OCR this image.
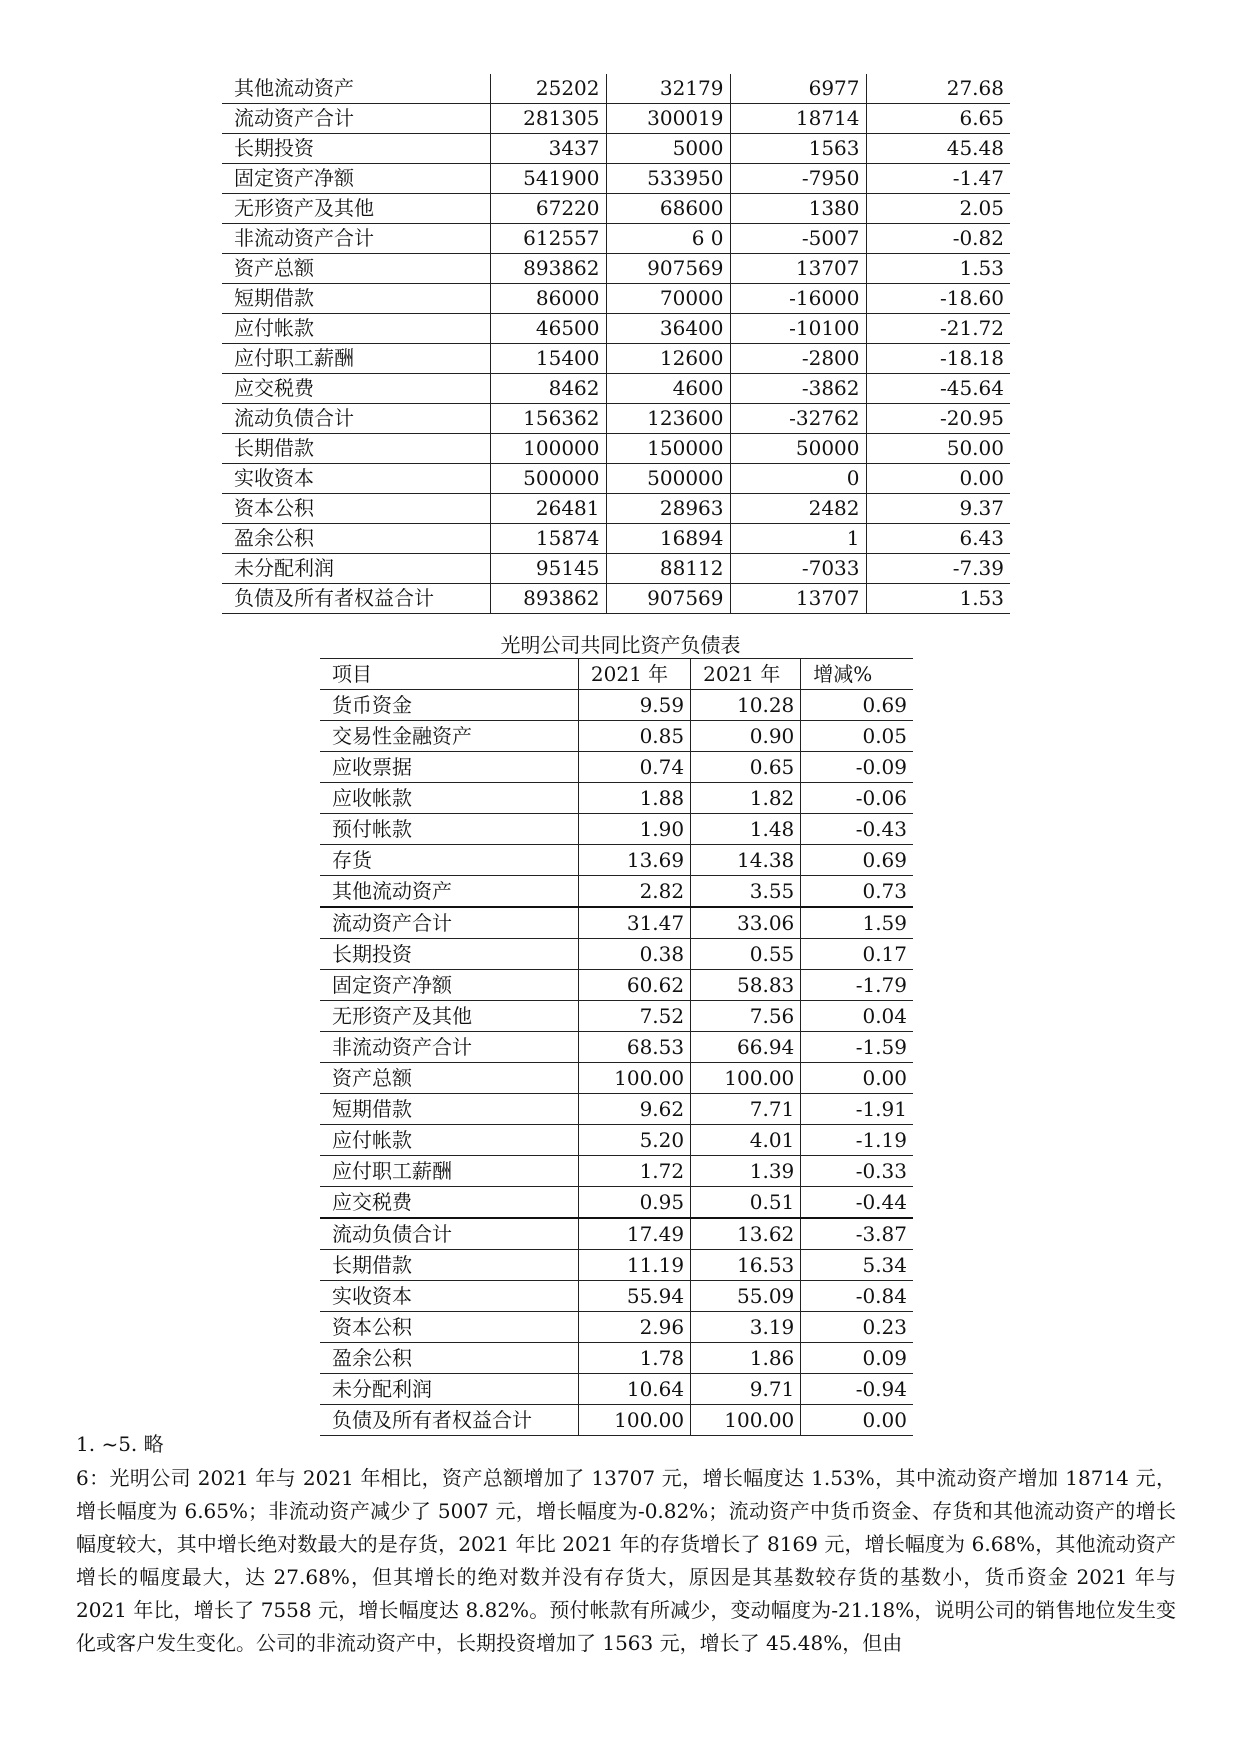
其他流动资产	25202	32179	6977	27.68
流动资产合计	281305	300019	18714	6.65
长期投资	3437	5000	1563	45.48
固定资产净额	541900	533950	-7950	-1.47
无形资产及其他	67220	68600	1380	2.05
非流动资产合计	612557	6 0	-5007	-0.82
资产总额	893862	907569	13707	1.53
短期借款	86000	70000	-16000	-18.60
应付帐款	46500	36400	-10100	-21.72
应付职工薪酬	15400	12600	-2800	-18.18
应交税费	8462	4600	-3862	-45.64
流动负债合计	156362	123600	-32762	-20.95
长期借款	100000	150000	50000	50.00
实收资本	500000	500000	0	0.00
资本公积	26481	28963	2482	9.37
盈余公积	15874	16894	1	6.43
未分配利润	95145	88112	-7033	-7.39
负债及所有者权益合计	893862	907569	13707	1.53
光明公司共同比资产负债表
项目	2021 年	2021 年	增减%
货币资金	9.59	10.28	0.69
交易性金融资产	0.85	0.90	0.05
应收票据	0.74	0.65	-0.09
应收帐款	1.88	1.82	-0.06
预付帐款	1.90	1.48	-0.43
存货	13.69	14.38	0.69
其他流动资产	2.82	3.55	0.73
流动资产合计	31.47	33.06	1.59
长期投资	0.38	0.55	0.17
固定资产净额	60.62	58.83	-1.79
无形资产及其他	7.52	7.56	0.04
非流动资产合计	68.53	66.94	-1.59
资产总额	100.00	100.00	0.00
短期借款	9.62	7.71	-1.91
应付帐款	5.20	4.01	-1.19
应付职工薪酬	1.72	1.39	-0.33
应交税费	0.95	0.51	-0.44
流动负债合计	17.49	13.62	-3.87
长期借款	11.19	16.53	5.34
实收资本	55.94	55.09	-0.84
资本公积	2.96	3.19	0.23
盈余公积	1.78	1.86	0.09
未分配利润	10.64	9.71	-0.94
负债及所有者权益合计	100.00	100.00	0.00
1. ~5. 略
6：光明公司 2021 年与 2021 年相比，资产总额增加了 13707 元，增长幅度达 1.53%，其中流动资产增加 18714 元，增长幅度为 6.65%；非流动资产减少了 5007 元，增长幅度为-0.82%；流动资产中货币资金、存货和其他流动资产的增长幅度较大，其中增长绝对数最大的是存货，2021 年比 2021 年的存货增长了 8169 元，增长幅度为 6.68%，其他流动资产增长的幅度最大，达 27.68%，但其增长的绝对数并没有存货大，原因是其基数较存货的基数小，货币资金 2021 年与 2021 年比，增长了 7558 元，增长幅度达 8.82%。预付帐款有所减少，变动幅度为-21.18%，说明公司的销售地位发生变化或客户发生变化。公司的非流动资产中，长期投资增加了 1563 元，增长了 45.48%，但由
